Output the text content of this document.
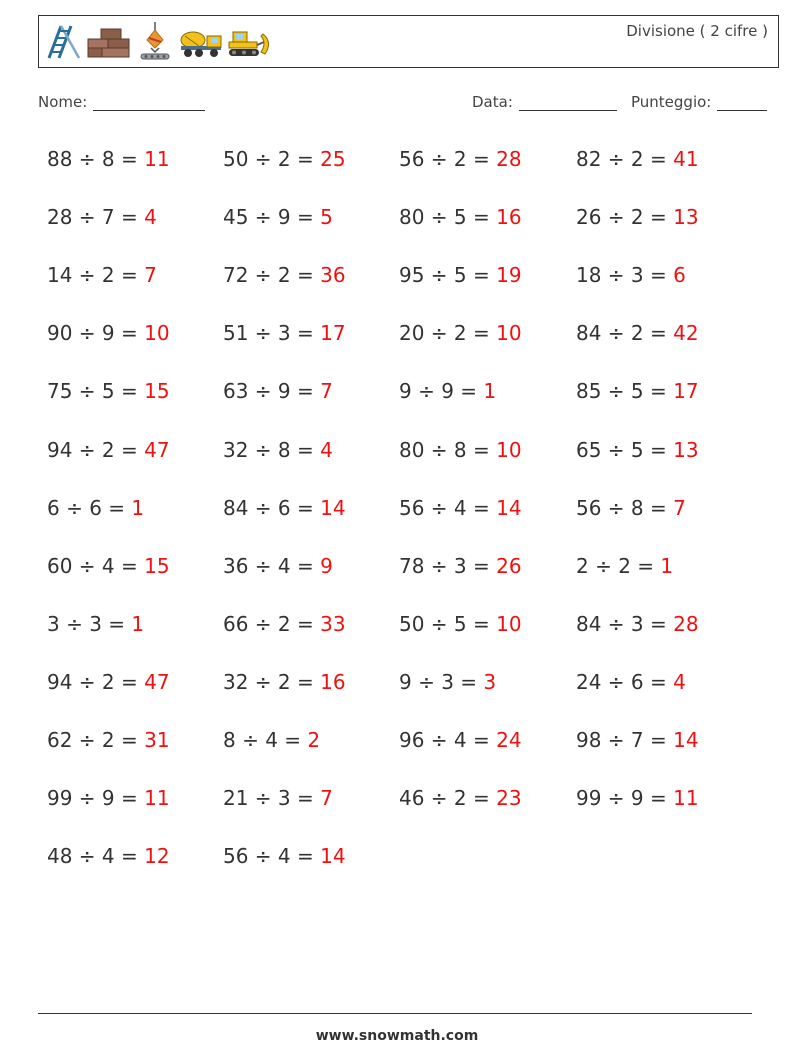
Divisione ( 2 cifre )
Nome:	Data:	Punteggio:
88 ÷ 8 = 11
28 ÷ 7 = 4
14 ÷ 2 = 7
90 ÷ 9 = 10
75 ÷ 5 = 15
94 ÷ 2 = 47
6 ÷ 6 = 1
60 ÷ 4 = 15
3 ÷ 3 = 1
94 ÷ 2 = 47
62 ÷ 2 = 31
99 ÷ 9 = 11
48 ÷ 4 = 12
50 ÷ 2 = 25
45 ÷ 9 = 5
72 ÷ 2 = 36
51 ÷ 3 = 17
63 ÷ 9 = 7
32 ÷ 8 = 4
84 ÷ 6 = 14
36 ÷ 4 = 9
66 ÷ 2 = 33
32 ÷ 2 = 16
8 ÷ 4 = 2
21 ÷ 3 = 7
56 ÷ 4 = 14
56 ÷ 2 = 28
80 ÷ 5 = 16
95 ÷ 5 = 19
20 ÷ 2 = 10
9 ÷ 9 = 1
80 ÷ 8 = 10
56 ÷ 4 = 14
78 ÷ 3 = 26
50 ÷ 5 = 10
9 ÷ 3 = 3
96 ÷ 4 = 24
46 ÷ 2 = 23
82 ÷ 2 = 41
26 ÷ 2 = 13
18 ÷ 3 = 6
84 ÷ 2 = 42
85 ÷ 5 = 17
65 ÷ 5 = 13
56 ÷ 8 = 7
2 ÷ 2 = 1
84 ÷ 3 = 28
24 ÷ 6 = 4
98 ÷ 7 = 14
99 ÷ 9 = 11
www.snowmath.com
